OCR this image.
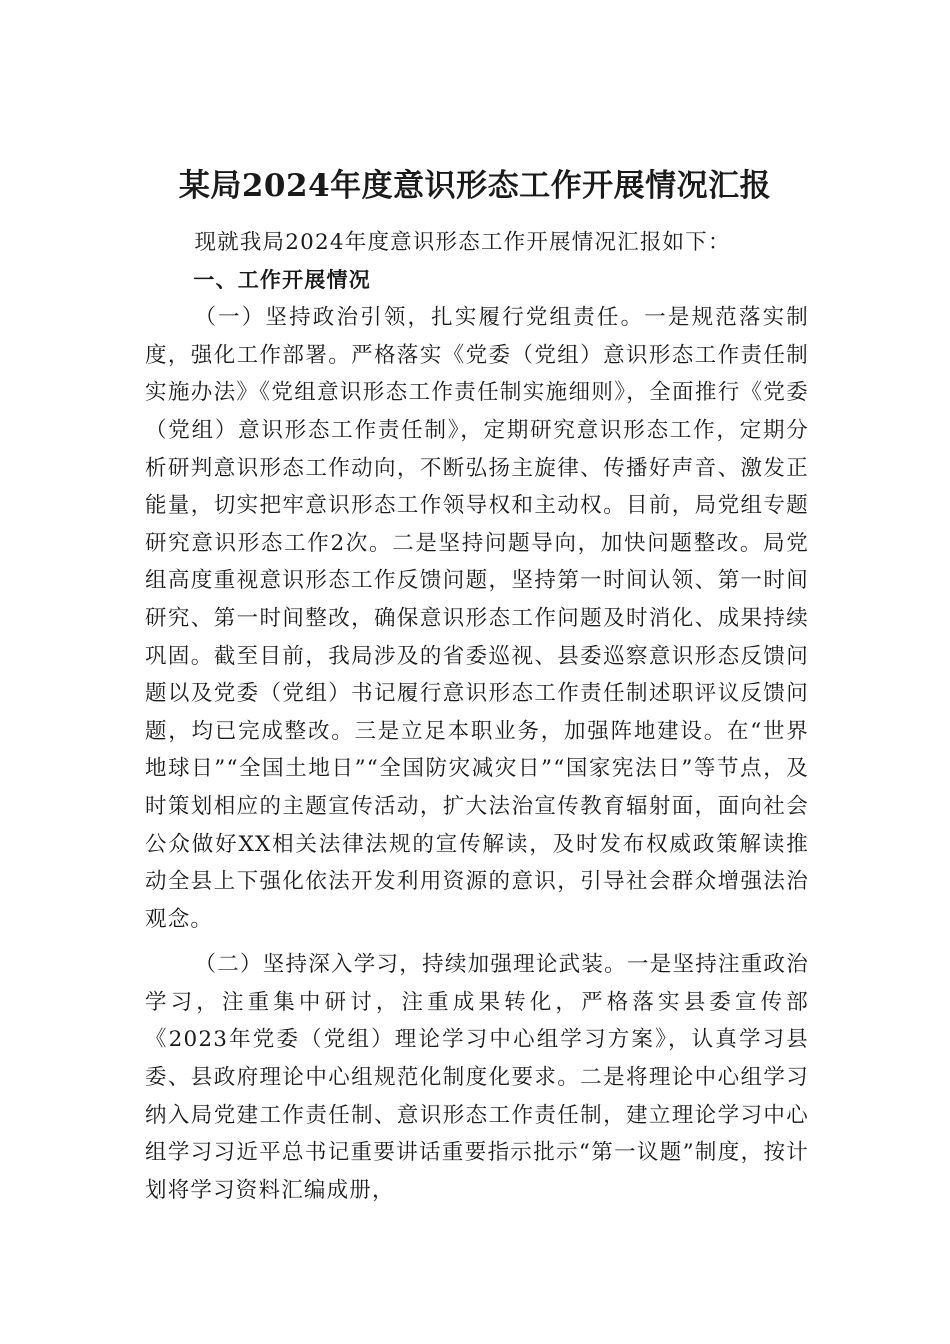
某局2024年度意识形态工作开展情况汇报

现就我局2024年度意识形态工作开展情况汇报如下：

一、工作开展情况

（一）坚持政治引领，扎实履行党组责任。一是规范落实制度，强化工作部署。严格落实《党委（党组）意识形态工作责任制实施办法》《党组意识形态工作责任制实施细则》，全面推行《党委（党组）意识形态工作责任制》，定期研究意识形态工作，定期分析研判意识形态工作动向，不断弘扬主旋律、传播好声音、激发正能量，切实把牢意识形态工作领导权和主动权。目前，局党组专题研究意识形态工作2次。二是坚持问题导向，加快问题整改。局党组高度重视意识形态工作反馈问题，坚持第一时间认领、第一时间研究、第一时间整改，确保意识形态工作问题及时消化、成果持续巩固。截至目前，我局涉及的省委巡视、县委巡察意识形态反馈问题以及党委（党组）书记履行意识形态工作责任制述职评议反馈问题，均已完成整改。三是立足本职业务，加强阵地建设。在“世界地球日”“全国土地日”“全国防灾减灾日”“国家宪法日”等节点，及时策划相应的主题宣传活动，扩大法治宣传教育辐射面，面向社会公众做好XX相关法律法规的宣传解读，及时发布权威政策解读推动全县上下强化依法开发利用资源的意识，引导社会群众增强法治观念。

（二）坚持深入学习，持续加强理论武装。一是坚持注重政治学习，注重集中研讨，注重成果转化，严格落实县委宣传部《2023年党委（党组）理论学习中心组学习方案》，认真学习县委、县政府理论中心组规范化制度化要求。二是将理论中心组学习纳入局党建工作责任制、意识形态工作责任制，建立理论学习中心组学习习近平总书记重要讲话重要指示批示“第一议题”制度，按计划将学习资料汇编成册，
